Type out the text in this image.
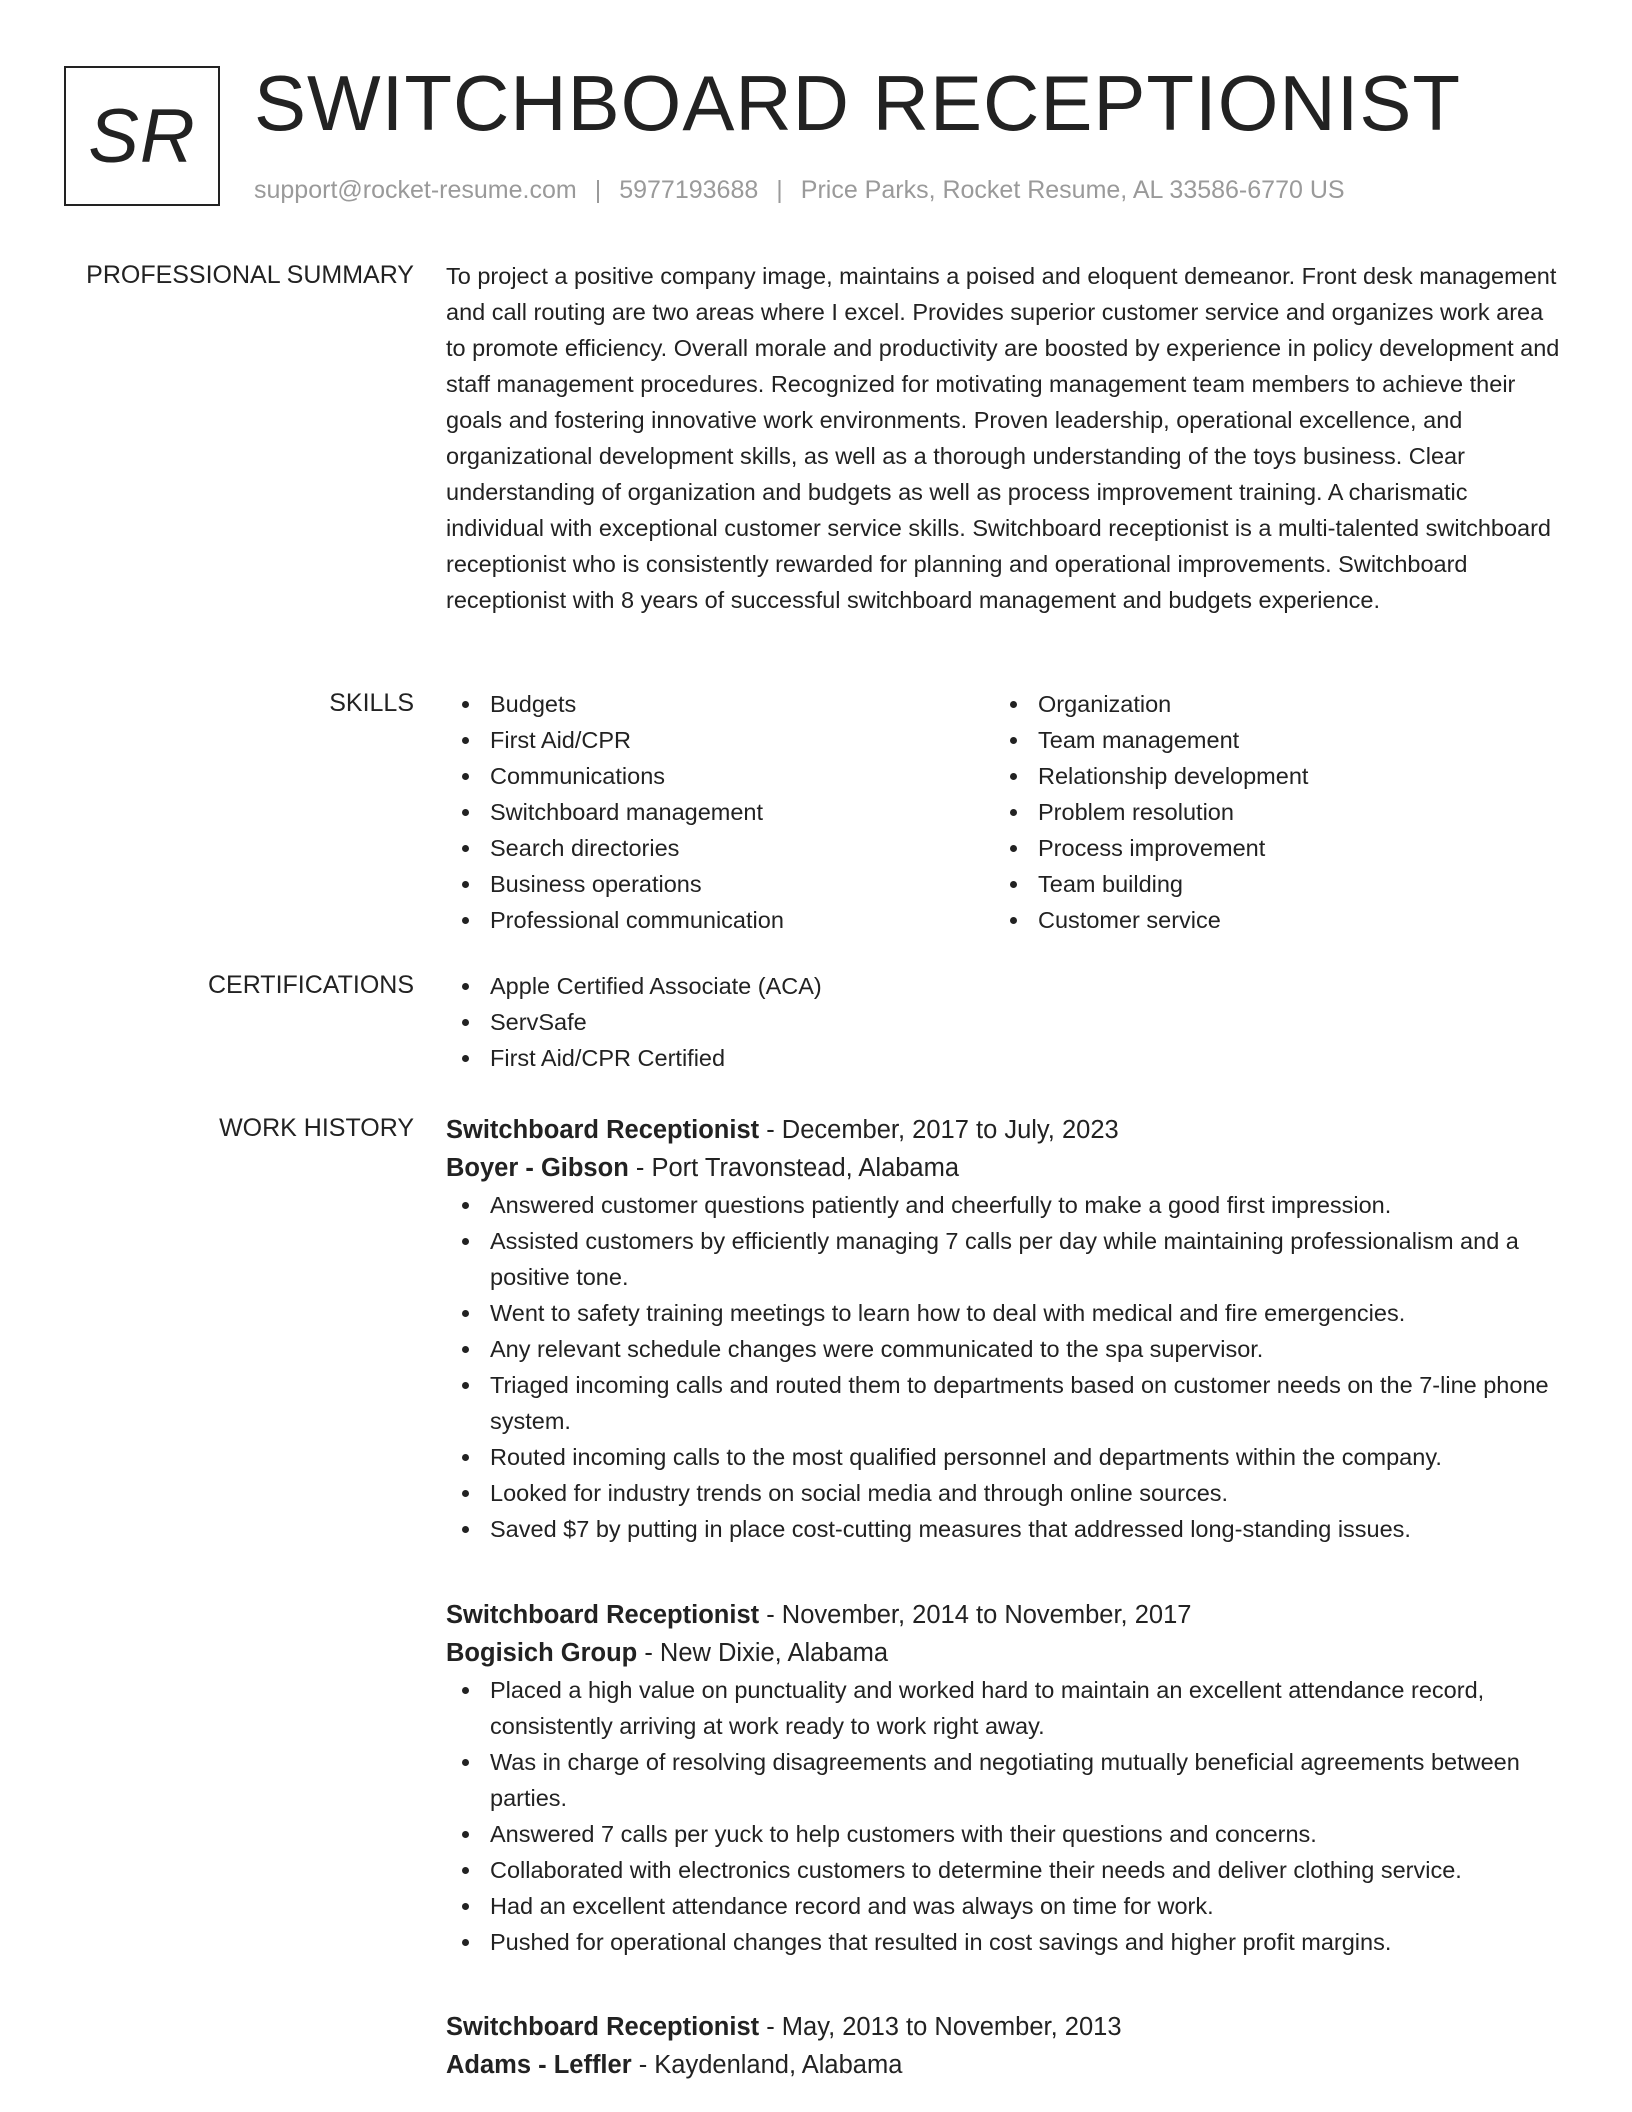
SR SWITCHBOARD RECEPTIONIST
support@rocket-resume.com | 5977193688 | Price Parks, Rocket Resume, AL 33586-6770 US
PROFESSIONAL SUMMARY To project a positive company image, maintains a poised and eloquent demeanor. Front desk management and call routing are two areas where I excel. Provides superior customer service and organizes work area to promote efficiency. Overall morale and productivity are boosted by experience in policy development and staff management procedures. Recognized for motivating management team members to achieve their goals and fostering innovative work environments. Proven leadership, operational excellence, and organizational development skills, as well as a thorough understanding of the toys business. Clear understanding of organization and budgets as well as process improvement training. A charismatic individual with exceptional customer service skills. Switchboard receptionist is a multi-talented switchboard receptionist who is consistently rewarded for planning and operational improvements. Switchboard receptionist with 8 years of successful switchboard management and budgets experience.

SKILLS	Budgets
First Aid/CPR
Communications
Switchboard management
Search directories
Business operations
Professional communication
Organization
Team management
Relationship development
Problem resolution
Process improvement
Team building
Customer service
CERTIFICATIONS	Apple Certified Associate (ACA)
ServSafe
First Aid/CPR Certified
WORK HISTORY Switchboard Receptionist - December, 2017 to July, 2023
Boyer - Gibson - Port Travonstead, Alabama
Answered customer questions patiently and cheerfully to make a good first impression.
Assisted customers by efficiently managing 7 calls per day while maintaining professionalism and a positive tone.
Went to safety training meetings to learn how to deal with medical and fire emergencies.
Any relevant schedule changes were communicated to the spa supervisor.
Triaged incoming calls and routed them to departments based on customer needs on the 7-line phone system.
Routed incoming calls to the most qualified personnel and departments within the company.
Looked for industry trends on social media and through online sources.
Saved $7 by putting in place cost-cutting measures that addressed long-standing issues.
Switchboard Receptionist - November, 2014 to November, 2017
Bogisich Group - New Dixie, Alabama
Placed a high value on punctuality and worked hard to maintain an excellent attendance record, consistently arriving at work ready to work right away.
Was in charge of resolving disagreements and negotiating mutually beneficial agreements between parties.
Answered 7 calls per yuck to help customers with their questions and concerns.
Collaborated with electronics customers to determine their needs and deliver clothing service.
Had an excellent attendance record and was always on time for work.
Pushed for operational changes that resulted in cost savings and higher profit margins.
Switchboard Receptionist - May, 2013 to November, 2013
Adams - Leffler - Kaydenland, Alabama
